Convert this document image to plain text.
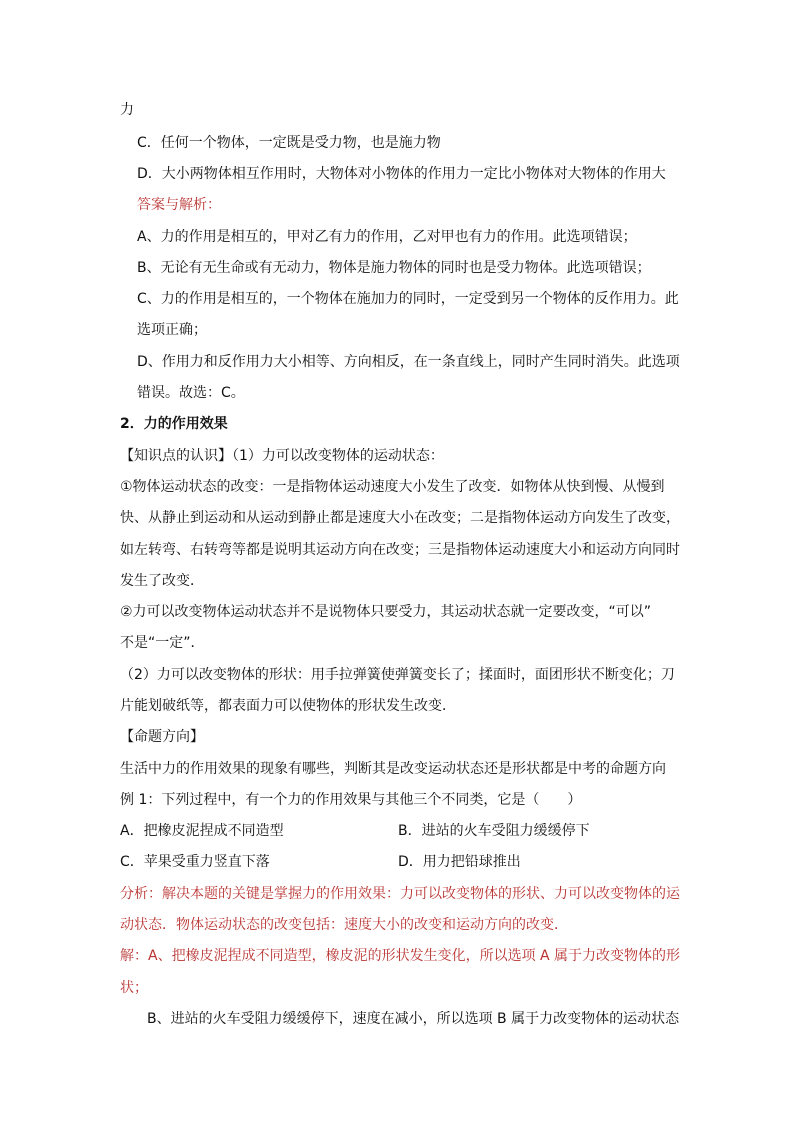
力
C．任何一个物体，一定既是受力物，也是施力物
D．大小两物体相互作用时，大物体对小物体的作用力一定比小物体对大物体的作用大
答案与解析：
A、力的作用是相互的，甲对乙有力的作用，乙对甲也有力的作用。此选项错误；
B、无论有无生命或有无动力，物体是施力物体的同时也是受力物体。此选项错误；
C、力的作用是相互的，一个物体在施加力的同时，一定受到另一个物体的反作用力。此
选项正确；
D、作用力和反作用力大小相等、方向相反，在一条直线上，同时产生同时消失。此选项
错误。故选：C。
2．力的作用效果
【知识点的认识】（1）力可以改变物体的运动状态：
①物体运动状态的改变：一是指物体运动速度大小发生了改变．如物体从快到慢、从慢到
快、从静止到运动和从运动到静止都是速度大小在改变；二是指物体运动方向发生了改变，
如左转弯、右转弯等都是说明其运动方向在改变；三是指物体运动速度大小和运动方向同时
发生了改变．
②力可以改变物体运动状态并不是说物体只要受力，其运动状态就一定要改变，“可以”
不是“一定”．
（2）力可以改变物体的形状：用手拉弹簧使弹簧变长了；揉面时，面团形状不断变化；刀
片能划破纸等，都表面力可以使物体的形状发生改变．
【命题方向】
生活中力的作用效果的现象有哪些，判断其是改变运动状态还是形状都是中考的命题方向
例 1：下列过程中，有一个力的作用效果与其他三个不同类，它是（　　）
A．把橡皮泥捏成不同造型	B．进站的火车受阻力缓缓停下
C．苹果受重力竖直下落	D．用力把铅球推出
分析：解决本题的关键是掌握力的作用效果：力可以改变物体的形状、力可以改变物体的运
动状态．物体运动状态的改变包括：速度大小的改变和运动方向的改变．
解：A、把橡皮泥捏成不同造型，橡皮泥的形状发生变化，所以选项 A 属于力改变物体的形
状；
B、进站的火车受阻力缓缓停下，速度在减小，所以选项 B 属于力改变物体的运动状态
